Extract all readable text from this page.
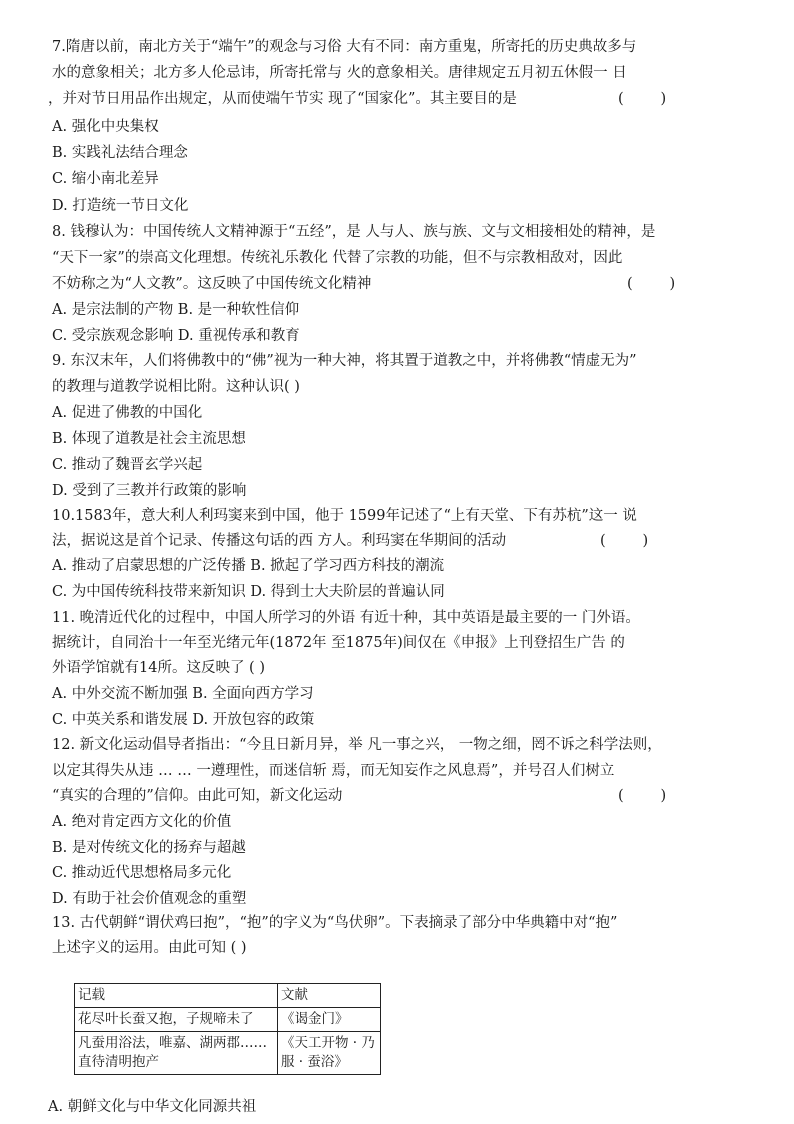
7.隋唐以前，南北方关于“端午”的观念与习俗 大有不同：南方重鬼，所寄托的历史典故多与
水的意象相关；北方多人伦忌讳，所寄托常与 火的意象相关。唐律规定五月初五休假一 日
，并对节日用品作出规定，从而使端午节实 现了“国家化”。其主要目的是	(        )
A. 强化中央集权
B. 实践礼法结合理念
C. 缩小南北差异
D. 打造统一节日文化
8. 钱穆认为：中国传统人文精神源于“五经”，是 人与人、族与族、文与文相接相处的精神，是
“天下一家”的崇高文化理想。传统礼乐教化 代替了宗教的功能，但不与宗教相敌对，因此
不妨称之为“人文教”。这反映了中国传统文化精神	(        )
A. 是宗法制的产物 B. 是一种软性信仰
C. 受宗族观念影响 D. 重视传承和教育
9. 东汉末年，人们将佛教中的“佛”视为一种大神，将其置于道教之中，并将佛教“情虚无为”
的教理与道教学说相比附。这种认识( )
A. 促进了佛教的中国化
B. 体现了道教是社会主流思想
C. 推动了魏晋玄学兴起
D. 受到了三教并行政策的影响
10.1583年，意大利人利玛窦来到中国，他于 1599年记述了“上有天堂、下有苏杭”这一 说
法，据说这是首个记录、传播这句话的西 方人。利玛窦在华期间的活动	(        )
A. 推动了启蒙思想的广泛传播 B. 掀起了学习西方科技的潮流
C. 为中国传统科技带来新知识 D. 得到士大夫阶层的普遍认同
11. 晚清近代化的过程中，中国人所学习的外语 有近十种，其中英语是最主要的一 门外语。
据统计，自同治十一年至光绪元年(1872年 至1875年)间仅在《申报》上刊登招生广告 的
外语学馆就有14所。这反映了 ( )
A. 中外交流不断加强 B. 全面向西方学习
C. 中英关系和谐发展 D. 开放包容的政策
12. 新文化运动倡导者指出：“今且日新月异，举 凡一事之兴， 一物之细，罔不诉之科学法则，
以定其得失从违 … … 一遵理性，而迷信斩 焉，而无知妄作之风息焉”，并号召人们树立
“真实的合理的”信仰。由此可知，新文化运动	(        )
A. 绝对肯定西方文化的价值
B. 是对传统文化的扬弃与超越
C. 推动近代思想格局多元化
D. 有助于社会价值观念的重塑
13. 古代朝鲜“谓伏鸡曰抱”，“抱”的字义为“鸟伏卵”。下表摘录了部分中华典籍中对“抱”
上述字义的运用。由此可知 ( )
记载	文献
花尽叶长蚕又抱，子规啼未了	《谒金门》
凡蚕用浴法，唯嘉、湖两郡……直待清明抱产	《天工开物 · 乃服 · 蚕浴》
A. 朝鲜文化与中华文化同源共祖
